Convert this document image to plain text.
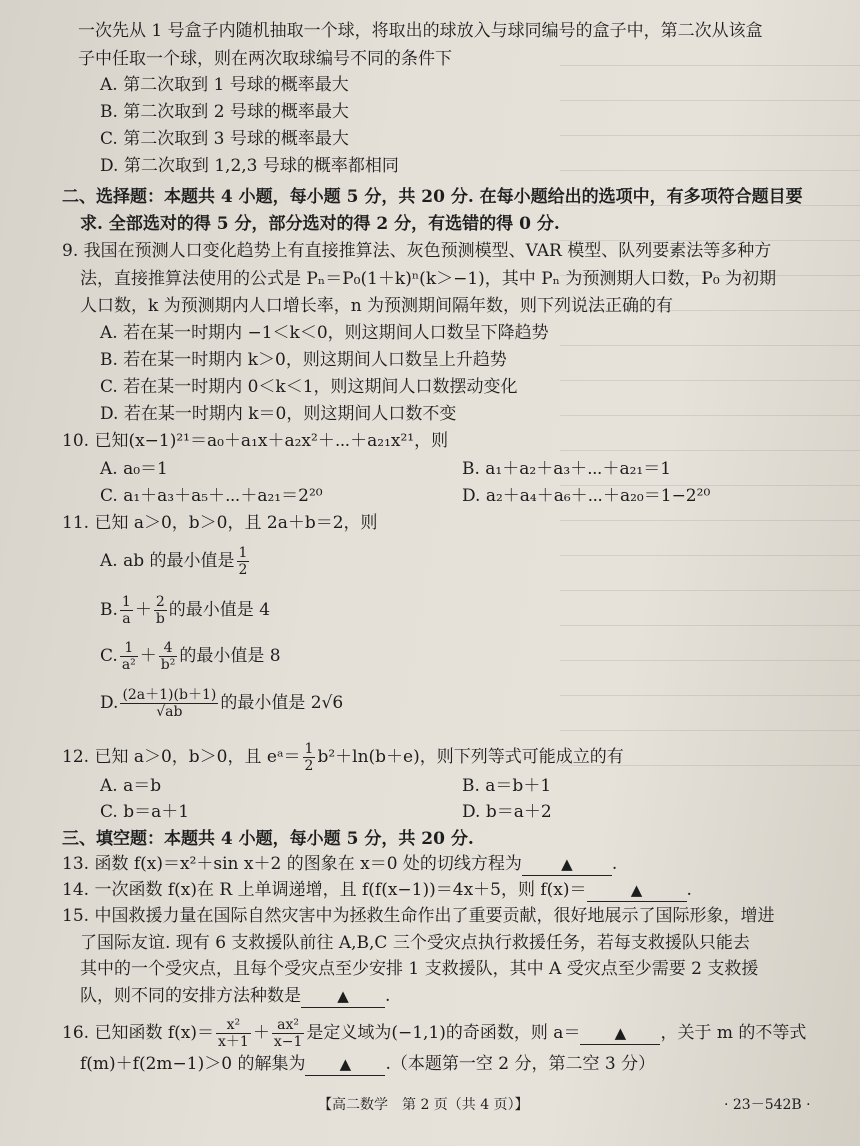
一次先从 1 号盒子内随机抽取一个球，将取出的球放入与球同编号的盒子中，第二次从该盒
子中任取一个球，则在两次取球编号不同的条件下
A. 第二次取到 1 号球的概率最大
B. 第二次取到 2 号球的概率最大
C. 第二次取到 3 号球的概率最大
D. 第二次取到 1,2,3 号球的概率都相同
二、选择题：本题共 4 小题，每小题 5 分，共 20 分. 在每小题给出的选项中，有多项符合题目要
求. 全部选对的得 5 分，部分选对的得 2 分，有选错的得 0 分.
9. 我国在预测人口变化趋势上有直接推算法、灰色预测模型、VAR 模型、队列要素法等多种方
法，直接推算法使用的公式是 Pₙ＝P₀(1＋k)ⁿ(k＞−1)，其中 Pₙ 为预测期人口数，P₀ 为初期
人口数，k 为预测期内人口增长率，n 为预测期间隔年数，则下列说法正确的有
A. 若在某一时期内 −1＜k＜0，则这期间人口数呈下降趋势
B. 若在某一时期内 k＞0，则这期间人口数呈上升趋势
C. 若在某一时期内 0＜k＜1，则这期间人口数摆动变化
D. 若在某一时期内 k＝0，则这期间人口数不变
10. 已知(x−1)²¹＝a₀＋a₁x＋a₂x²＋⋯＋a₂₁x²¹，则
A. a₀＝1	B. a₁＋a₂＋a₃＋⋯＋a₂₁＝1
C. a₁＋a₃＋a₅＋⋯＋a₂₁＝2²⁰	D. a₂＋a₄＋a₆＋⋯＋a₂₀＝1−2²⁰
11. 已知 a＞0，b＞0，且 2a＋b＝2，则
A. ab 的最小值是 $\frac{1}{2}$
B. $\frac{1}{a} + \frac{2}{b}$ 的最小值是 4
C. $\frac{1}{\text{a²}} + \frac{4}{\text{b²}}$ 的最小值是 8
D. $\frac{(2a+1)(b+1)}{√ab}$ 的最小值是 2√6
12. 已知 a＞0，b＞0，且 eᵃ＝ $\frac{1}{2} b^2+\ln(b+e)$，则下列等式可能成立的有
A. a＝b	B. a＝b＋1
C. b＝a＋1	D. b＝a＋2
三、填空题：本题共 4 小题，每小题 5 分，共 20 分.
13. 函数 f(x)＝x²＋sin x＋2 的图象在 x＝0 处的切线方程为	▲ .
14. 一次函数 f(x)在 R 上单调递增，且 f(f(x−1))＝4x＋5，则 f(x)＝	▲	.
15. 中国救援力量在国际自然灾害中为拯救生命作出了重要贡献，很好地展示了国际形象，增进
了国际友谊. 现有 6 支救援队前往 A,B,C 三个受灾点执行救援任务，若每支救援队只能去
其中的一个受灾点，且每个受灾点至少安排 1 支救援队，其中 A 受灾点至少需要 2 支救援
队，则不同的安排方法种数是 ▲ .
16. 已知函数 $f(x)= \frac{\text{x²}}{x+1} + \frac{\text{ax²}}{x-1}$ 是定义域为(−1,1)的奇函数，则 a＝ ▲ ，关于 m 的不等式
f(m)＋f(2m−1)＞0 的解集为 ▲ .（本题第一空 2 分，第二空 3 分）
【高二数学　第 2 页（共 4 页）】	· 23－542B ·
